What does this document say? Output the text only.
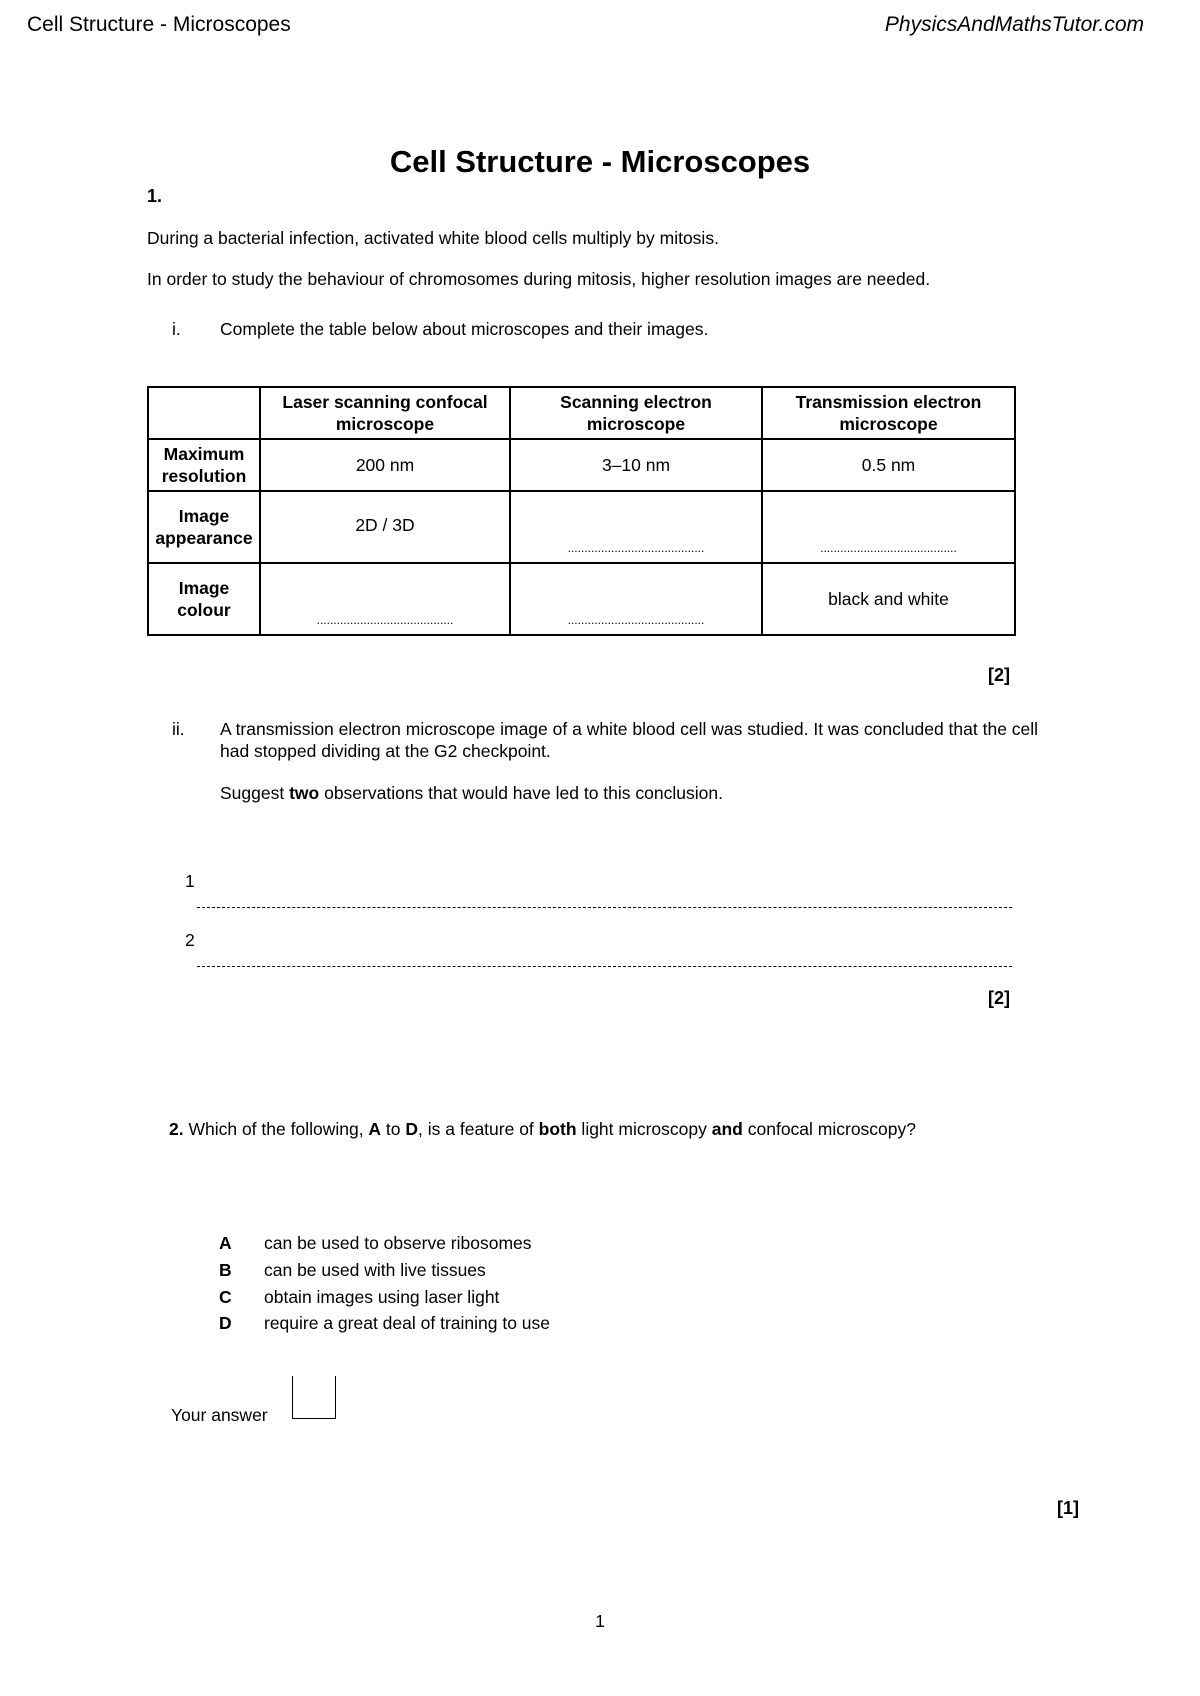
Cell Structure - Microscopes	PhysicsAndMathsTutor.com
Cell Structure - Microscopes
1.
During a bacterial infection, activated white blood cells multiply by mitosis.
In order to study the behaviour of chromosomes during mitosis, higher resolution images are needed.
i. Complete the table below about microscopes and their images.
	Laser scanning confocal microscope	Scanning electron microscope	Transmission electron microscope
Maximum resolution	200 nm	3–10 nm	0.5 nm
Image appearance	2D / 3D	.........................................	.........................................

Image colour	.........................................	.........................................	black and white
[2]
ii.	A transmission electron microscope image of a white blood cell was studied. It was concluded that the cell had stopped dividing at the G2 checkpoint.
Suggest two observations that would have led to this conclusion.
1
2
[2]
2. Which of the following, A to D, is a feature of both light microscopy and confocal microscopy?
A can be used to observe ribosomes
B can be used with live tissues
C obtain images using laser light
D require a great deal of training to use
Your answer
[1]
1
